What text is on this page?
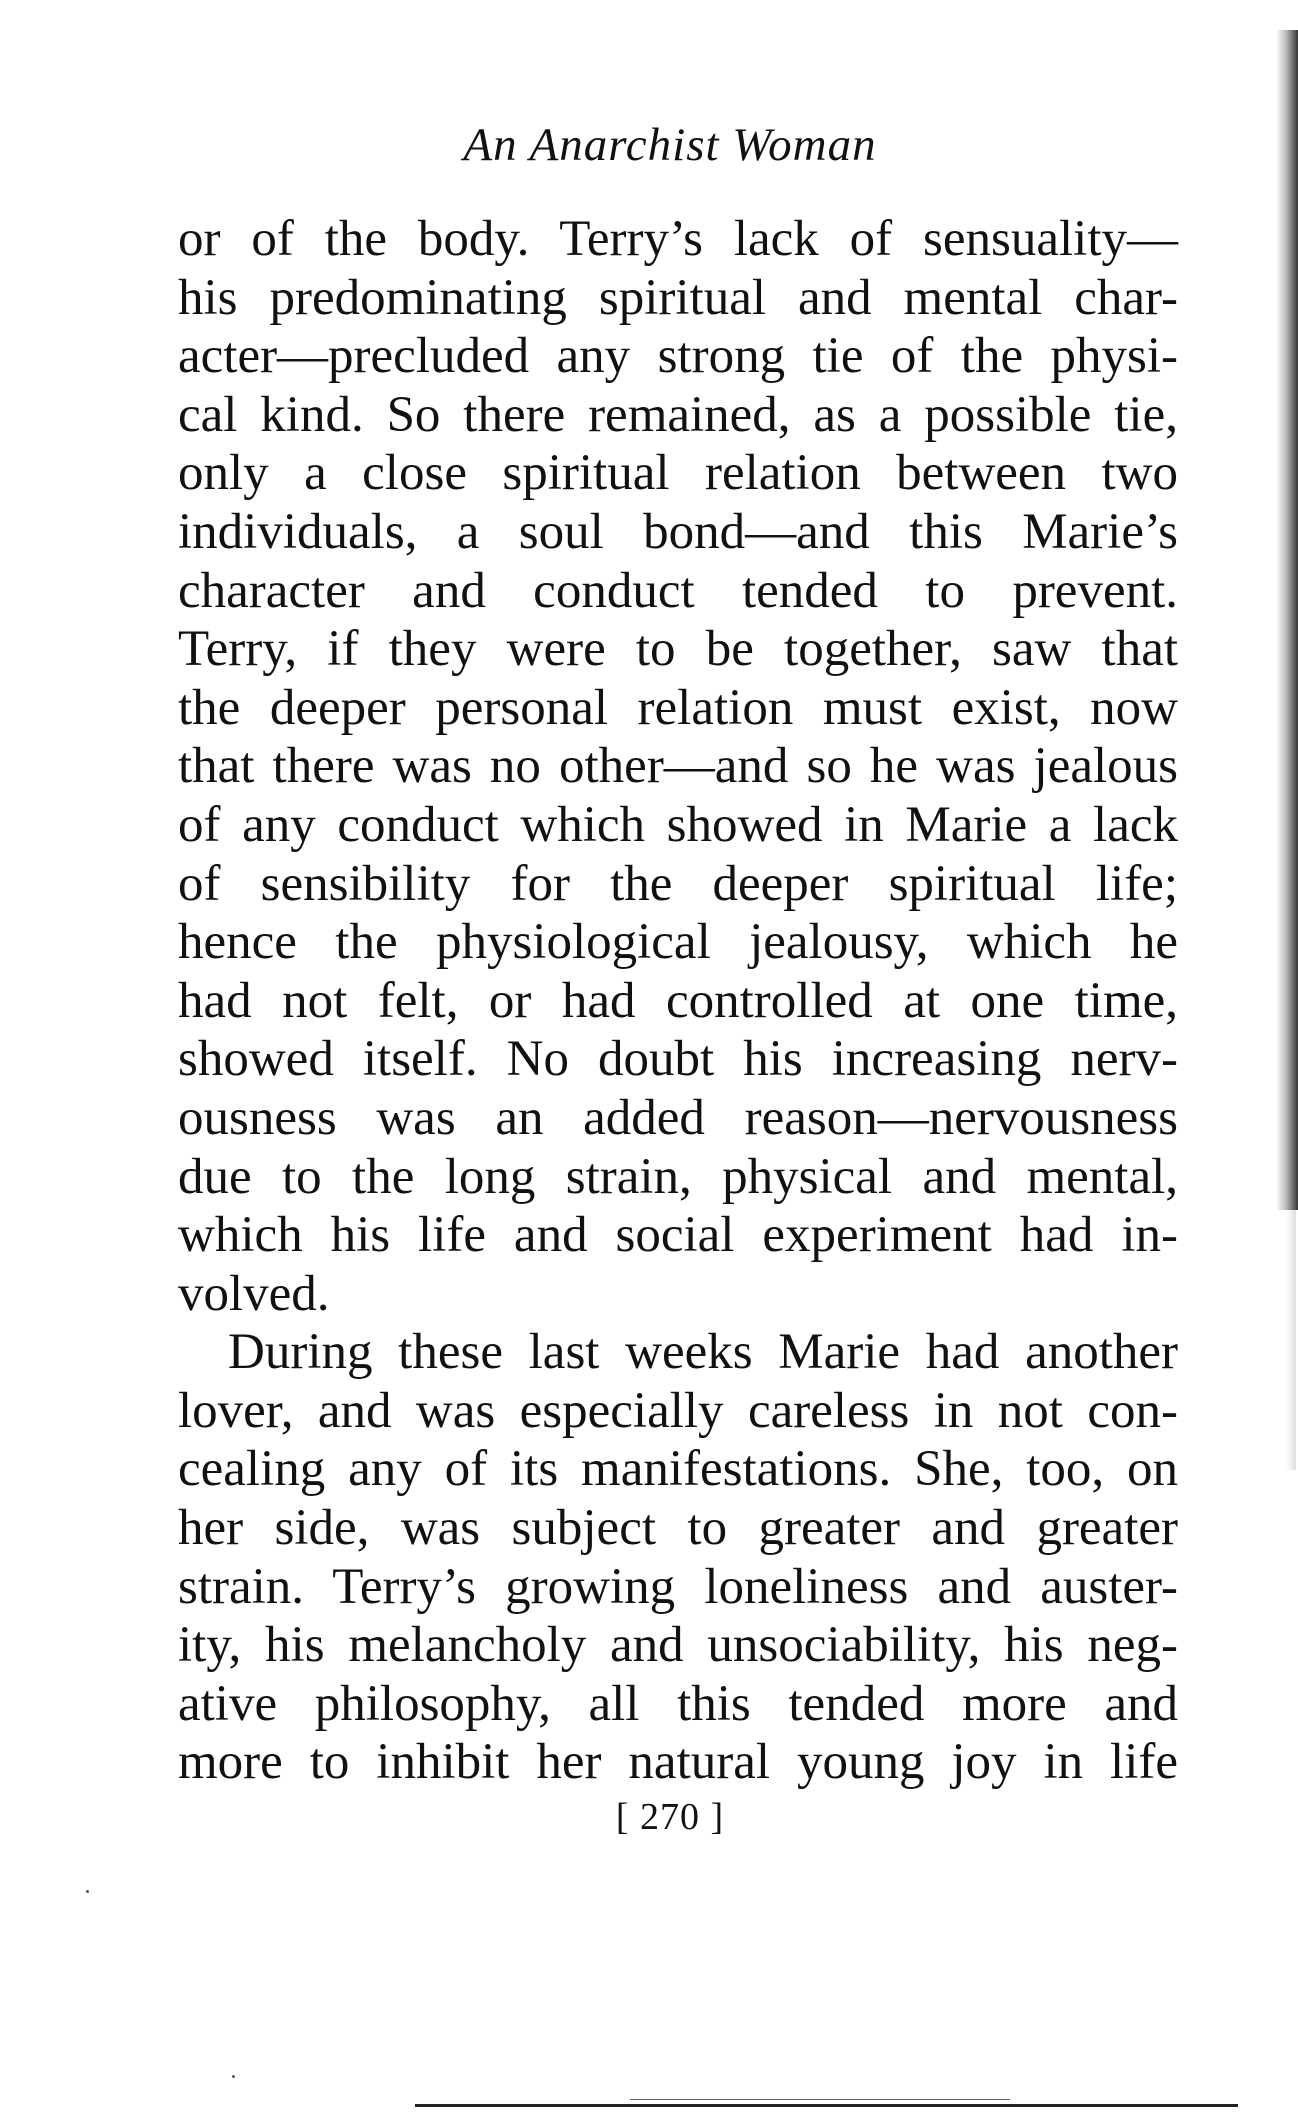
An Anarchist Woman
or of the body. Terry’s lack of sensuality—
his predominating spiritual and mental char-
acter—precluded any strong tie of the physi-
cal kind. So there remained, as a possible tie,
only a close spiritual relation between two
individuals, a soul bond—and this Marie’s
character and conduct tended to prevent.
Terry, if they were to be together, saw that
the deeper personal relation must exist, now
that there was no other—and so he was jealous
of any conduct which showed in Marie a lack
of sensibility for the deeper spiritual life;
hence the physiological jealousy, which he
had not felt, or had controlled at one time,
showed itself. No doubt his increasing nerv-
ousness was an added reason—nervousness
due to the long strain, physical and mental,
which his life and social experiment had in-
volved.
During these last weeks Marie had another
lover, and was especially careless in not con-
cealing any of its manifestations. She, too, on
her side, was subject to greater and greater
strain. Terry’s growing loneliness and auster-
ity, his melancholy and unsociability, his neg-
ative philosophy, all this tended more and
more to inhibit her natural young joy in life
[ 270 ]
